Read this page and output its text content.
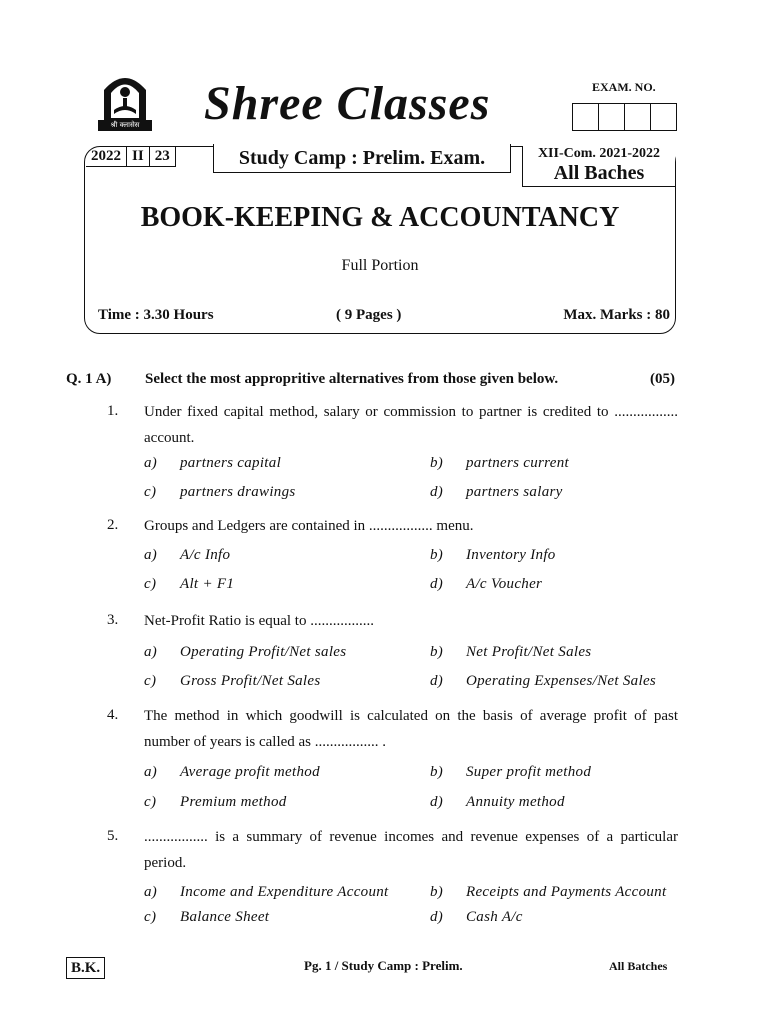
श्री क्लासेस Shree Classes	EXAM. NO.
2022 II 23	Study Camp : Prelim. Exam.	XII-Com. 2021-2022
All Baches
BOOK-KEEPING & ACCOUNTANCY
Full Portion
Time : 3.30 Hours	( 9 Pages )	Max. Marks : 80
Q. 1 A) Select the most appropritive alternatives from those given below.	(05)
1. Under fixed capital method, salary or commission to partner is credited to ................. account.
a) partners capital	b) partners current
c) partners drawings	d) partners salary
2. Groups and Ledgers are contained in ................. menu.
a) A/c Info	b) Inventory Info
c) Alt + F1	d) A/c Voucher
3. Net-Profit Ratio is equal to .................
a) Operating Profit/Net sales	b) Net Profit/Net Sales
c) Gross Profit/Net Sales	d) Operating Expenses/Net Sales
4. The method in which goodwill is calculated on the basis of average profit of past number of years is called as ................. .
a) Average profit method	b) Super profit method
c) Premium method	d) Annuity method
5. ................. is a summary of revenue incomes and revenue expenses of a particular period.
a) Income and Expenditure Account	b) Receipts and Payments Account
c) Balance Sheet	d) Cash A/c
B.K.	Pg. 1 / Study Camp : Prelim.	All Batches
